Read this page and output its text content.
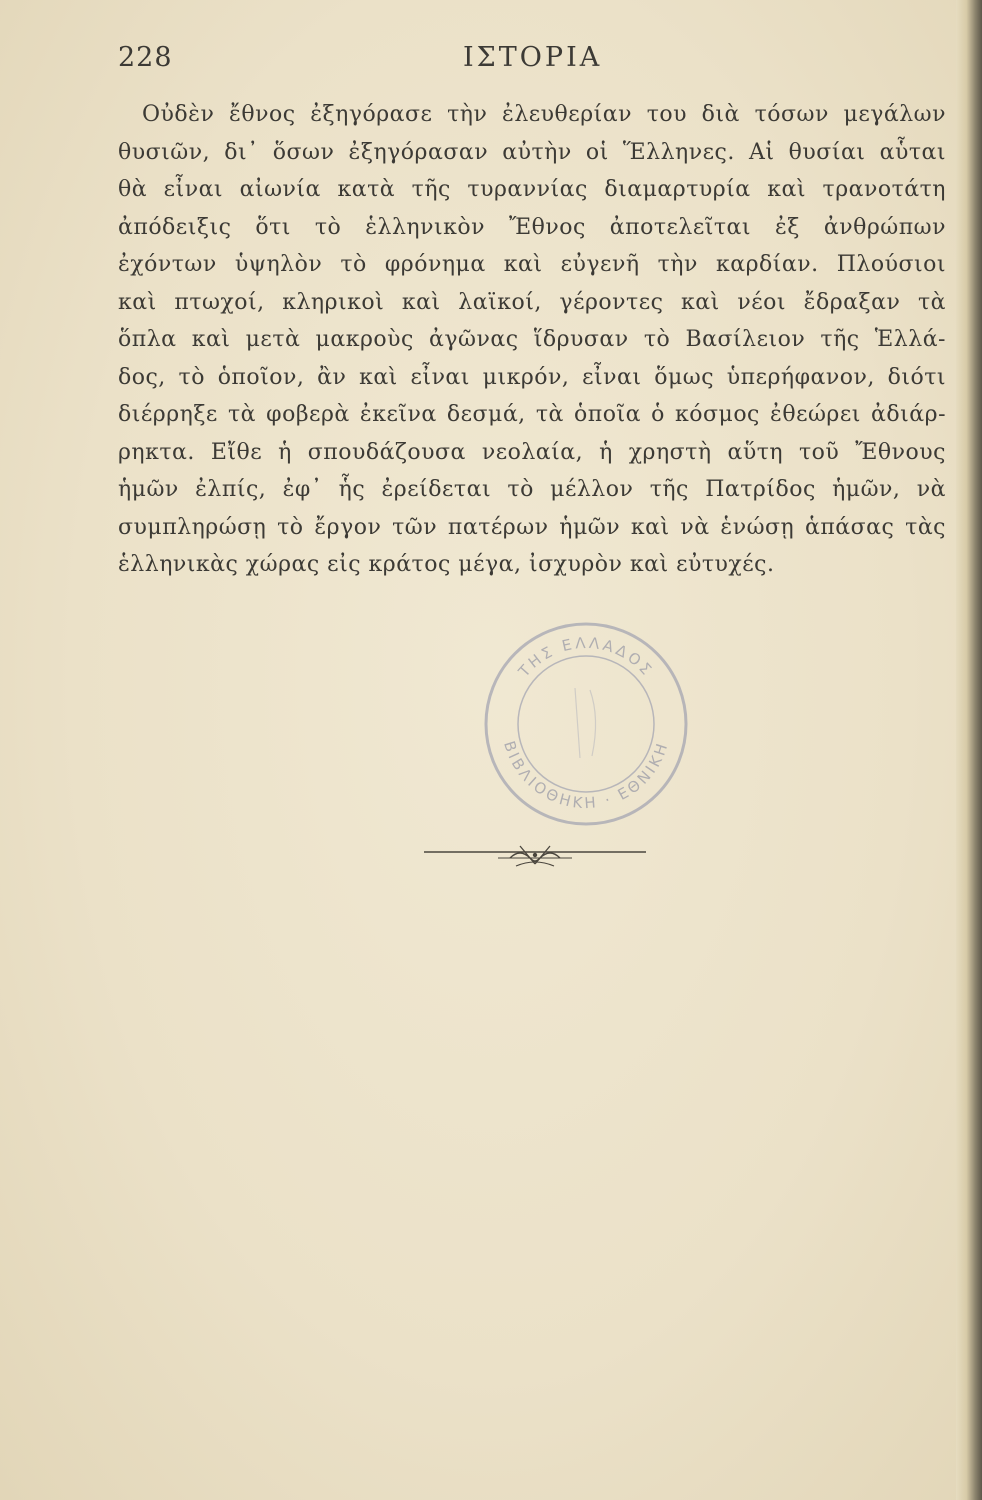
228	ΙΣΤΟΡΙΑ
Οὐδὲν ἔθνος ἐξηγόρασε τὴν ἐλευθερίαν του διὰ τόσων μεγάλων
θυσιῶν, δι᾽ ὅσων ἐξηγόρασαν αὐτὴν οἱ Ἕλληνες. Αἱ θυσίαι αὗται
θὰ εἶναι αἰωνία κατὰ τῆς τυραννίας διαμαρτυρία καὶ τρανοτάτη
ἀπόδειξις ὅτι τὸ ἑλληνικὸν Ἔθνος ἀποτελεῖται ἐξ ἀνθρώπων
ἐχόντων ὑψηλὸν τὸ φρόνημα καὶ εὐγενῆ τὴν καρδίαν. Πλούσιοι
καὶ πτωχοί, κληρικοὶ καὶ λαϊκοί, γέροντες καὶ νέοι ἔδραξαν τὰ
ὅπλα καὶ μετὰ μακροὺς ἀγῶνας ἵδρυσαν τὸ Βασίλειον τῆς Ἑλλά-
δος, τὸ ὁποῖον, ἂν καὶ εἶναι μικρόν, εἶναι ὅμως ὑπερήφανον, διότι
διέρρηξε τὰ φοβερὰ ἐκεῖνα δεσμά, τὰ ὁποῖα ὁ κόσμος ἐθεώρει ἀδιάρ-
ρηκτα. Εἴθε ἡ σπουδάζουσα νεολαία, ἡ χρηστὴ αὕτη τοῦ Ἔθνους
ἡμῶν ἐλπίς, ἐφ᾽ ἧς ἐρείδεται τὸ μέλλον τῆς Πατρίδος ἡμῶν, νὰ
συμπληρώσῃ τὸ ἔργον τῶν πατέρων ἡμῶν καὶ νὰ ἑνώσῃ ἁπάσας τὰς
ἑλληνικὰς χώρας εἰς κράτος μέγα, ἰσχυρὸν καὶ εὐτυχές.
ΤΗΣ ΕΛΛΑΔΟΣ
ΒΙΒΛΙΟΘΗΚΗ · ΕΘΝΙΚΗ
